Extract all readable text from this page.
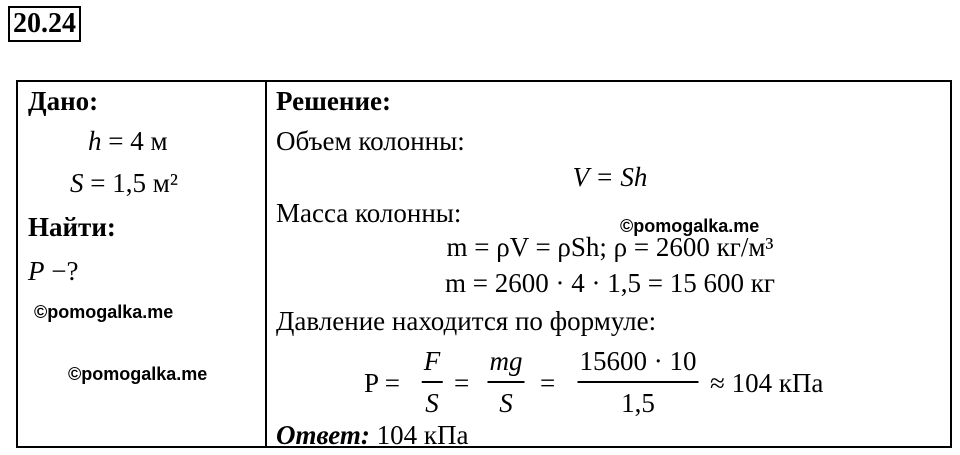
20.24
Дано:
h = 4 м
S = 1,5 м²
Найти:
P −?
©pomogalka.me
©pomogalka.me
Решение:
Объем колонны:
V = Sh
Масса колонны:	©pomogalka.me
m = ρV = ρSh; ρ = 2600 кг/м³
m = 2600 · 4 · 1,5 = 15 600 кг
Давление находится по формуле:
P =
F
S
=
mg
S
=
15600 · 10
1,5
≈ 104 кПа
Ответ: 104 кПа
